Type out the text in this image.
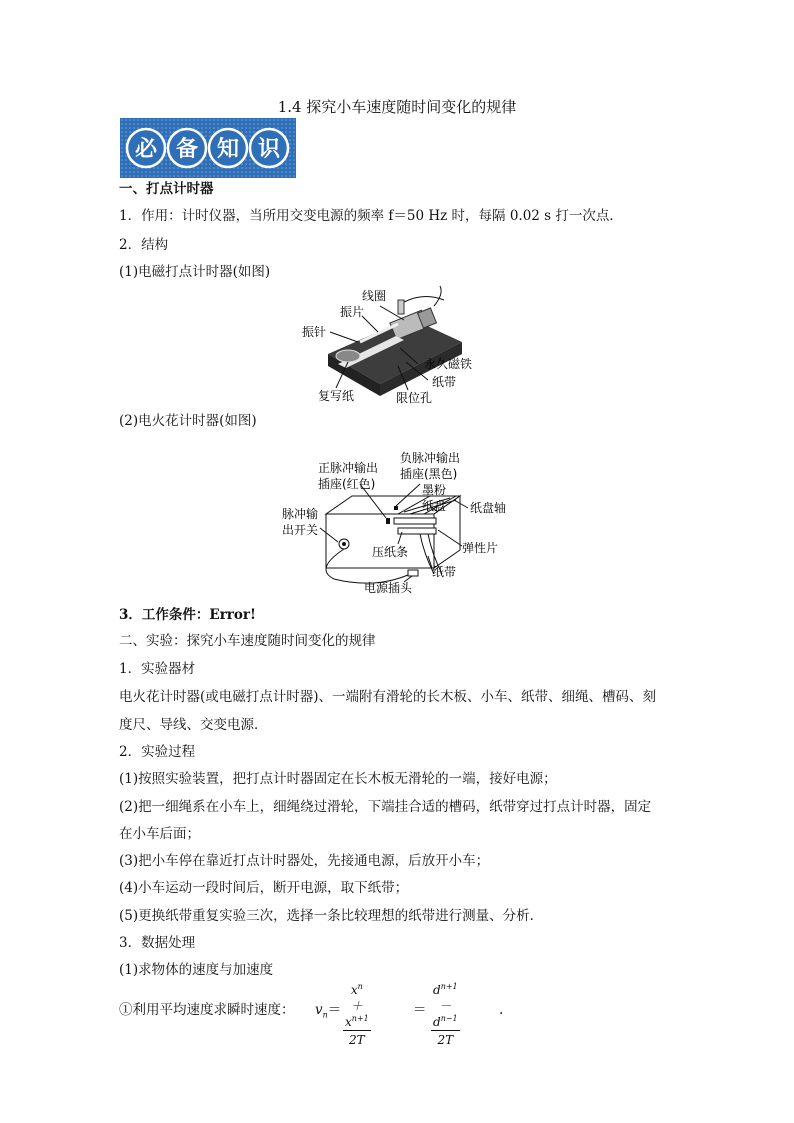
1.4 探究小车速度随时间变化的规律
必 备 知 识
一、打点计时器
1．作用：计时仪器，当所用交变电源的频率 f＝50 Hz 时，每隔 0.02 s 打一次点．
2．结构
(1)电磁打点计时器(如图)
线圈
振片
振针
永久磁铁
纸带
复写纸	限位孔
(2)电火花计时器(如图)
正脉冲输出
插座(红色)
负脉冲输出
插座(黑色)
墨粉
纸盘 纸盘轴
脉冲输
出开关
压纸条	弹性片
纸带
电源插头
3．工作条件：Error!
二、实验：探究小车速度随时间变化的规律
1．实验器材
电火花计时器(或电磁打点计时器)、一端附有滑轮的长木板、小车、纸带、细绳、槽码、刻
度尺、导线、交变电源．
2．实验过程
(1)按照实验装置，把打点计时器固定在长木板无滑轮的一端，接好电源；
(2)把一细绳系在小车上，细绳绕过滑轮，下端挂合适的槽码，纸带穿过打点计时器，固定
在小车后面；
(3)把小车停在靠近打点计时器处，先接通电源，后放开小车；
(4)小车运动一段时间后，断开电源，取下纸带；
(5)更换纸带重复实验三次，选择一条比较理想的纸带进行测量、分析．
3．数据处理
(1)求物体的速度与加速度
①利用平均速度求瞬时速度： $v_n= \frac{x^n+x^{n+1}}{2T}$	＝ $\frac{d^{n+1}-d^{n-1}}{2T}$	.
